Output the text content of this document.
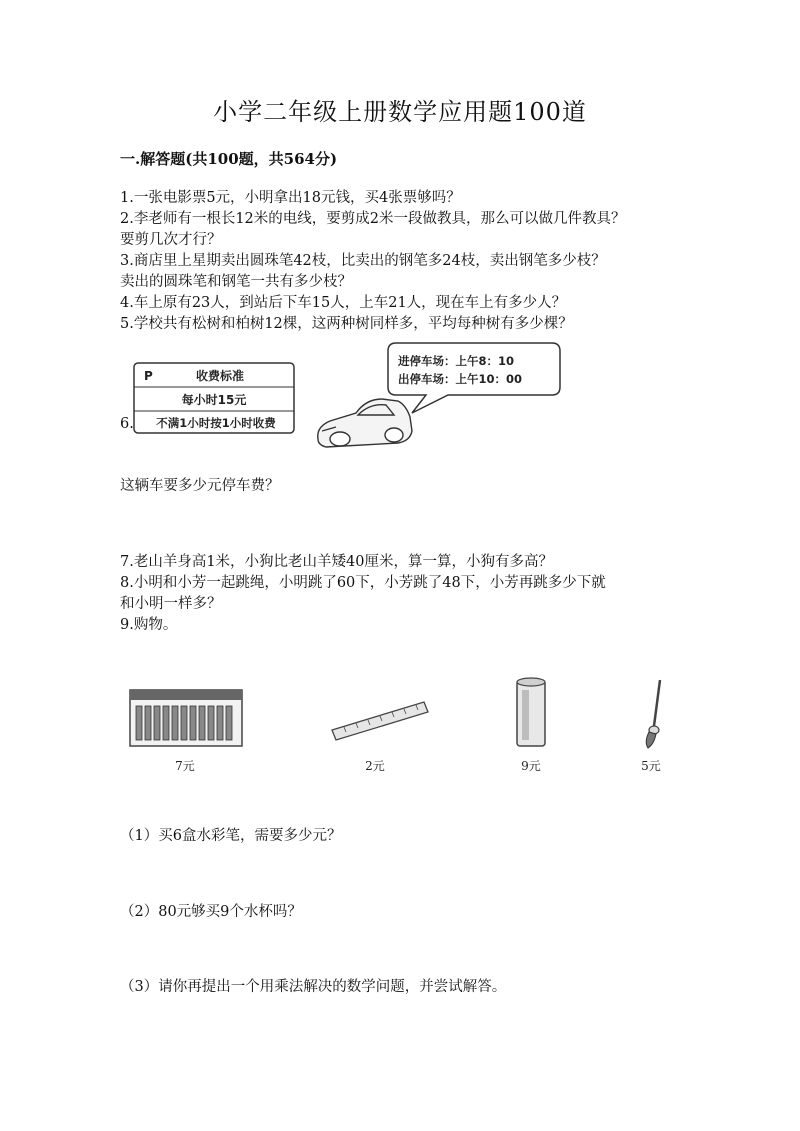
小学二年级上册数学应用题100道
一.解答题(共100题，共564分)
1.一张电影票5元，小明拿出18元钱，买4张票够吗？
2.李老师有一根长12米的电线，要剪成2米一段做教具，那么可以做几件教具？
要剪几次才行？
3.商店里上星期卖出圆珠笔42枝，比卖出的钢笔多24枝，卖出钢笔多少枝？
卖出的圆珠笔和钢笔一共有多少枝？
4.车上原有23人，到站后下车15人，上车21人，现在车上有多少人？
5.学校共有松树和柏树12棵，这两种树同样多，平均每种树有多少棵？
6.
P	收费标准
每小时15元
不满1小时按1小时收费
进停车场：上午8：10
出停车场：上午10：00
这辆车要多少元停车费？
7.老山羊身高1米，小狗比老山羊矮40厘米，算一算，小狗有多高？
8.小明和小芳一起跳绳，小明跳了60下，小芳跳了48下，小芳再跳多少下就
和小明一样多？
9.购物。
7元	2元	9元	5元
（1）买6盒水彩笔，需要多少元？
（2）80元够买9个水杯吗？
（3）请你再提出一个用乘法解决的数学问题，并尝试解答。
